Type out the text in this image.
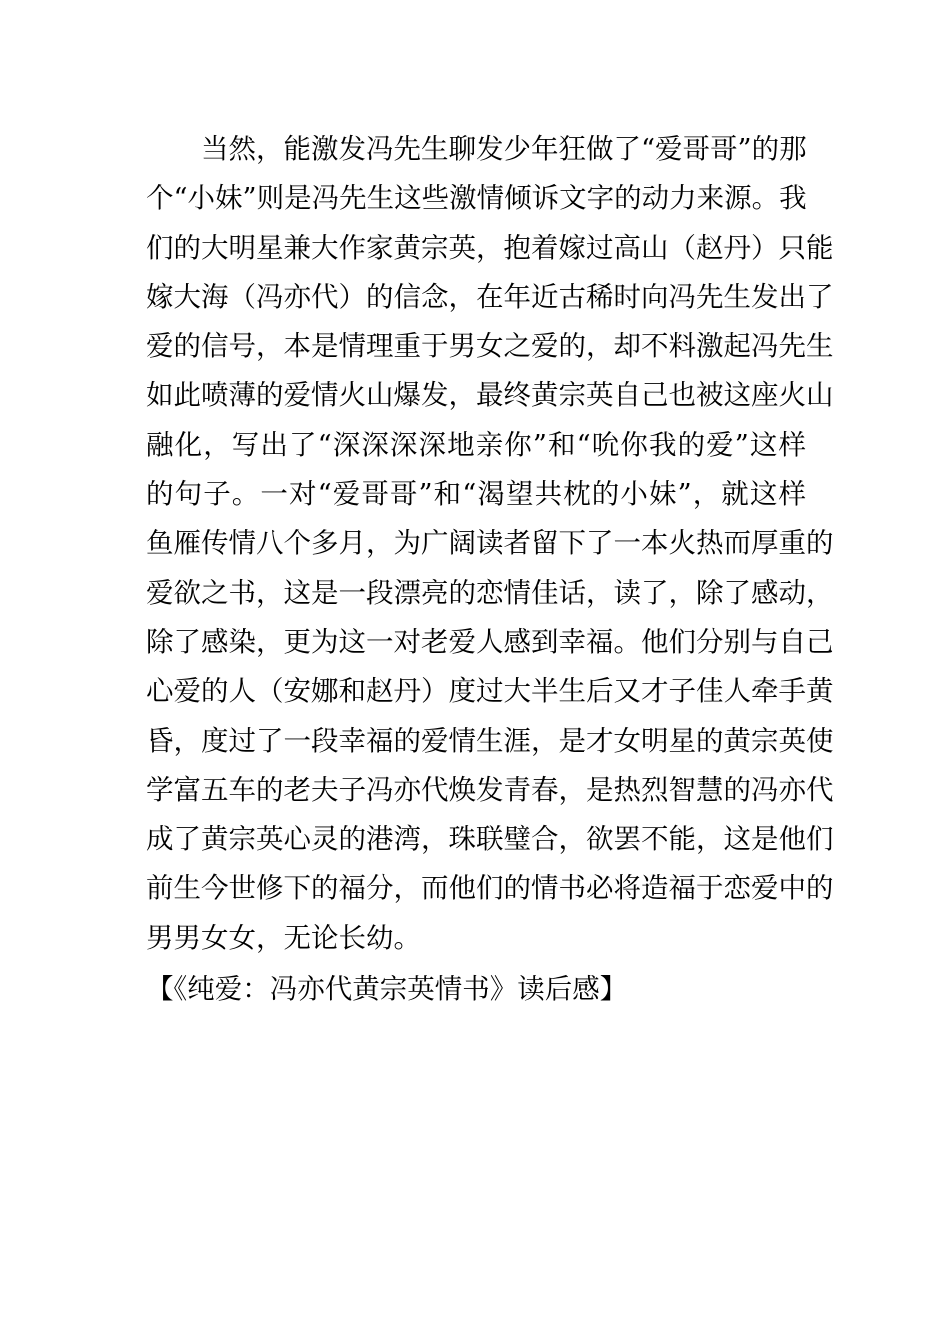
　　当然，能激发冯先生聊发少年狂做了“爱哥哥”的那
个“小妹”则是冯先生这些激情倾诉文字的动力来源。我
们的大明星兼大作家黄宗英，抱着嫁过高山（赵丹）只能
嫁大海（冯亦代）的信念，在年近古稀时向冯先生发出了
爱的信号，本是情理重于男女之爱的，却不料激起冯先生
如此喷薄的爱情火山爆发，最终黄宗英自己也被这座火山
融化，写出了“深深深深地亲你”和“吮你我的爱”这样
的句子。一对“爱哥哥”和“渴望共枕的小妹”，就这样
鱼雁传情八个多月，为广阔读者留下了一本火热而厚重的
爱欲之书，这是一段漂亮的恋情佳话，读了，除了感动，
除了感染，更为这一对老爱人感到幸福。他们分别与自己
心爱的人（安娜和赵丹）度过大半生后又才子佳人牵手黄
昏，度过了一段幸福的爱情生涯，是才女明星的黄宗英使
学富五车的老夫子冯亦代焕发青春，是热烈智慧的冯亦代
成了黄宗英心灵的港湾，珠联璧合，欲罢不能，这是他们
前生今世修下的福分，而他们的情书必将造福于恋爱中的
男男女女，无论长幼。
【《纯爱：冯亦代黄宗英情书》读后感】
